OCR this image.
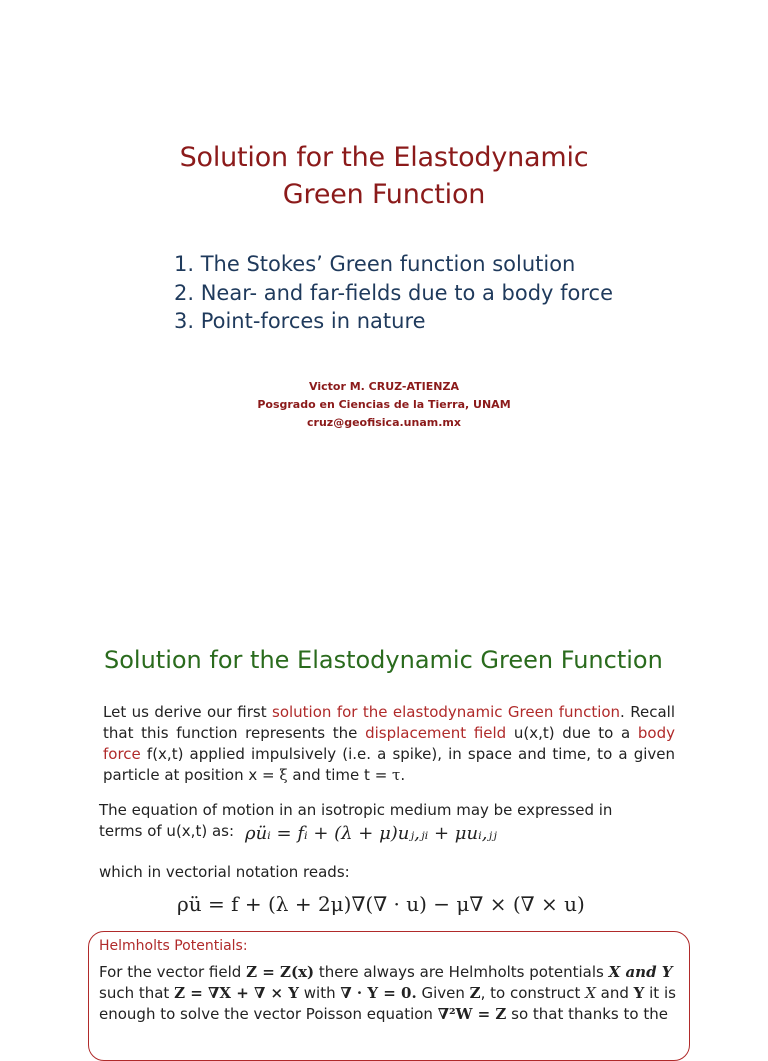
Solution for the Elastodynamic
Green Function
1. The Stokes’ Green function solution
2. Near- and far-fields due to a body force
3. Point-forces in nature
Victor M. CRUZ-ATIENZA
Posgrado en Ciencias de la Tierra, UNAM
cruz@geofisica.unam.mx
Solution for the Elastodynamic Green Function
Let us derive our first solution for the elastodynamic Green function. Recall that this function represents the displacement field u(x,t) due to a body force f(x,t) applied impulsively (i.e. a spike), in space and time, to a given particle at position x = ξ and time t = τ.
The equation of motion in an isotropic medium may be expressed in terms of u(x,t) as: ρüᵢ = fᵢ + (λ + μ)uⱼ,ⱼᵢ + μuᵢ,ⱼⱼ
which in vectorial notation reads:
ρü = f + (λ + 2μ)∇(∇ · u) − μ∇ × (∇ × u)
Helmholts Potentials:
For the vector field Z = Z(x) there always are Helmholts potentials X and Y
such that Z = ∇X + ∇ × Y with ∇ · Y = 0. Given Z, to construct X and Y it is
enough to solve the vector Poisson equation ∇²W = Z so that thanks to the
